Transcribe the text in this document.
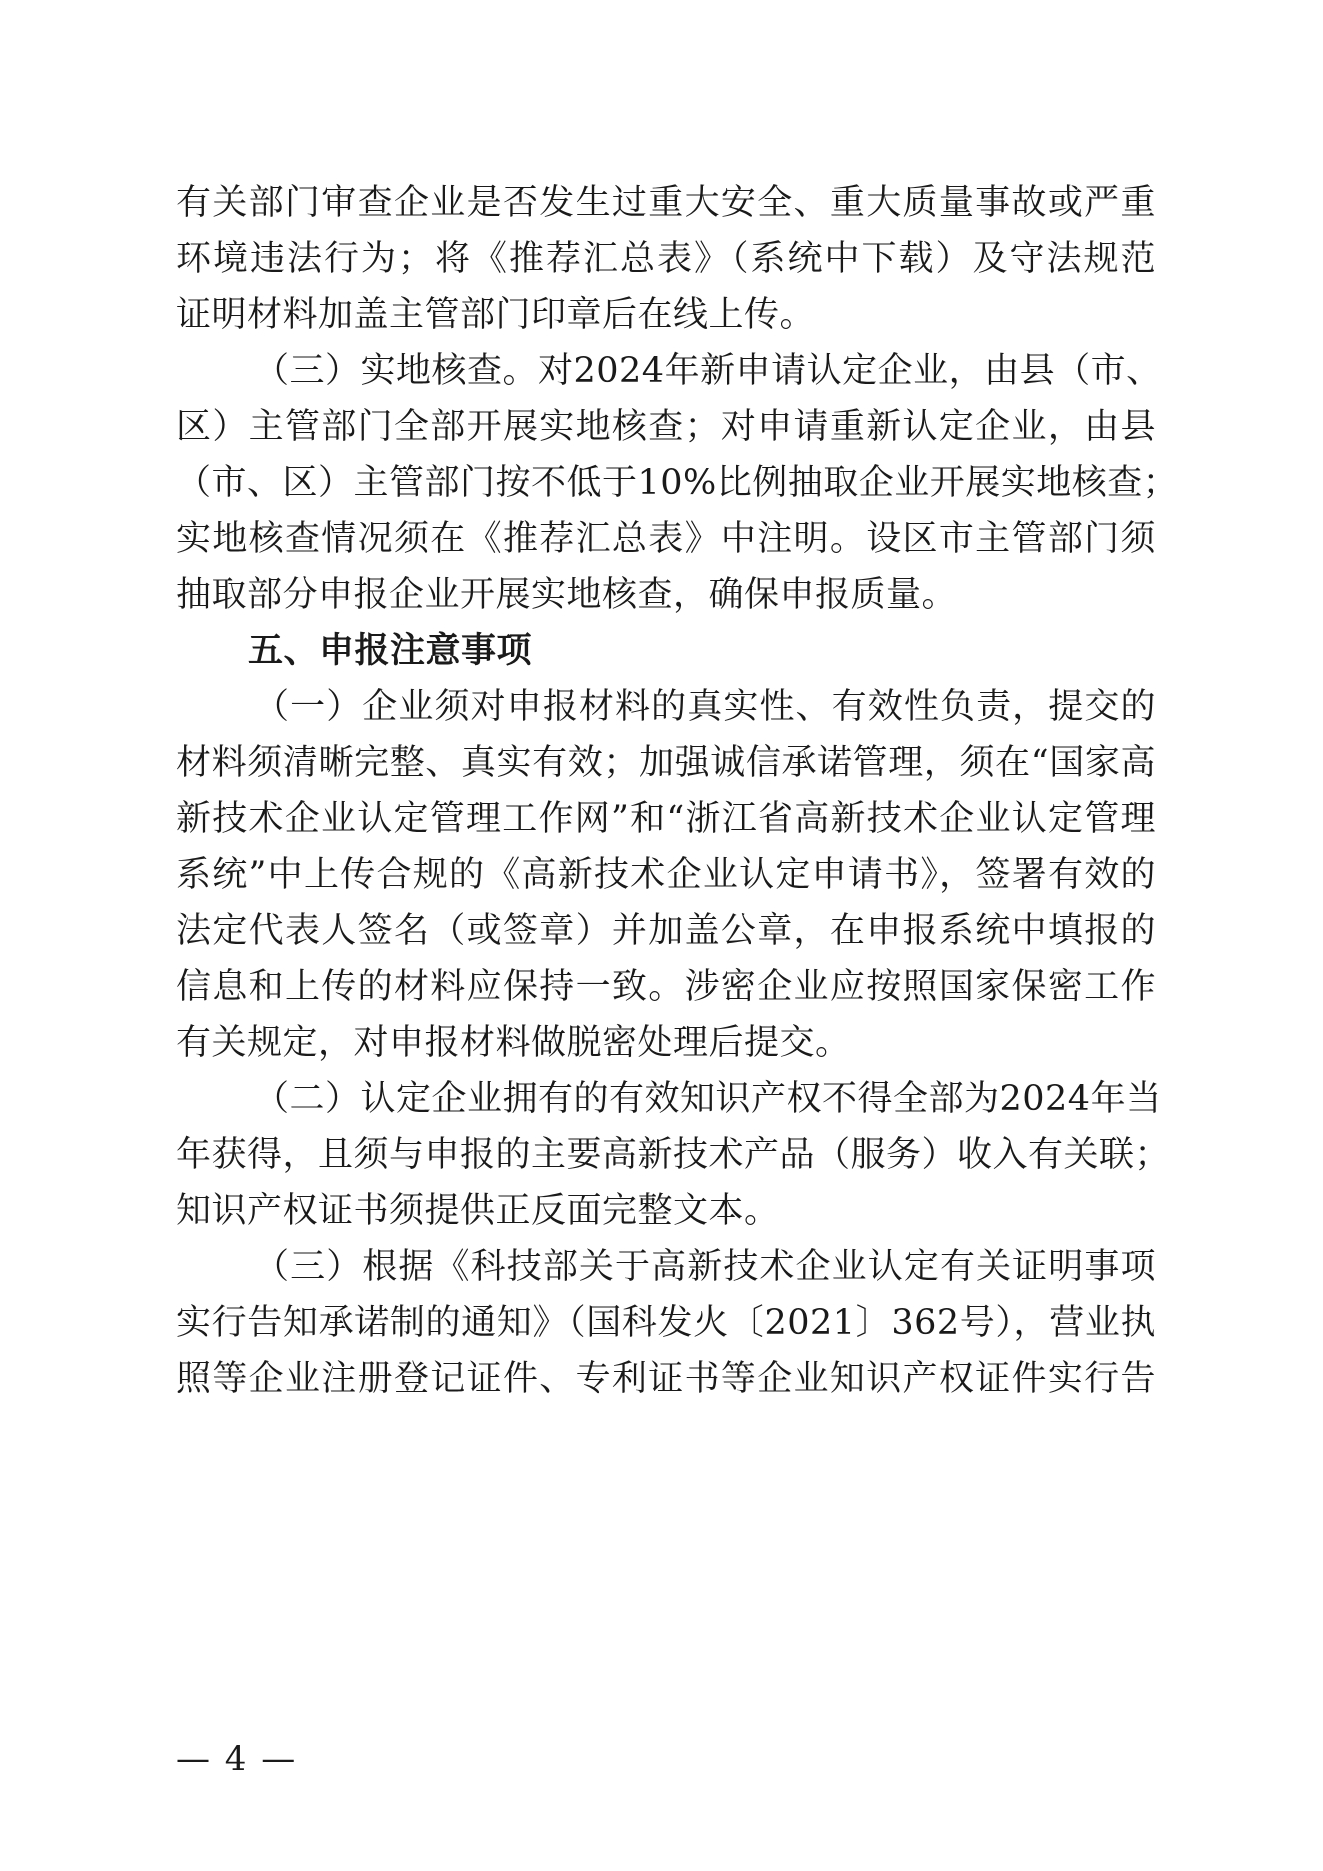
有关部门审查企业是否发生过重大安全、重大质量事故或严重
环境违法行为；将《推荐汇总表》（系统中下载）及守法规范
证明材料加盖主管部门印章后在线上传。
（三）实地核查。对2024年新申请认定企业，由县（市、
区）主管部门全部开展实地核查；对申请重新认定企业，由县
（市、区）主管部门按不低于10%比例抽取企业开展实地核查；
实地核查情况须在《推荐汇总表》中注明。设区市主管部门须
抽取部分申报企业开展实地核查，确保申报质量。
五、申报注意事项
（一）企业须对申报材料的真实性、有效性负责，提交的
材料须清晰完整、真实有效；加强诚信承诺管理，须在“国家高
新技术企业认定管理工作网”和“浙江省高新技术企业认定管理
系统”中上传合规的《高新技术企业认定申请书》，签署有效的
法定代表人签名（或签章）并加盖公章，在申报系统中填报的
信息和上传的材料应保持一致。涉密企业应按照国家保密工作
有关规定，对申报材料做脱密处理后提交。
（二）认定企业拥有的有效知识产权不得全部为2024年当
年获得，且须与申报的主要高新技术产品（服务）收入有关联；
知识产权证书须提供正反面完整文本。
（三）根据《科技部关于高新技术企业认定有关证明事项
实行告知承诺制的通知》（国科发火〔2021〕362号），营业执
照等企业注册登记证件、专利证书等企业知识产权证件实行告
— 4 —
